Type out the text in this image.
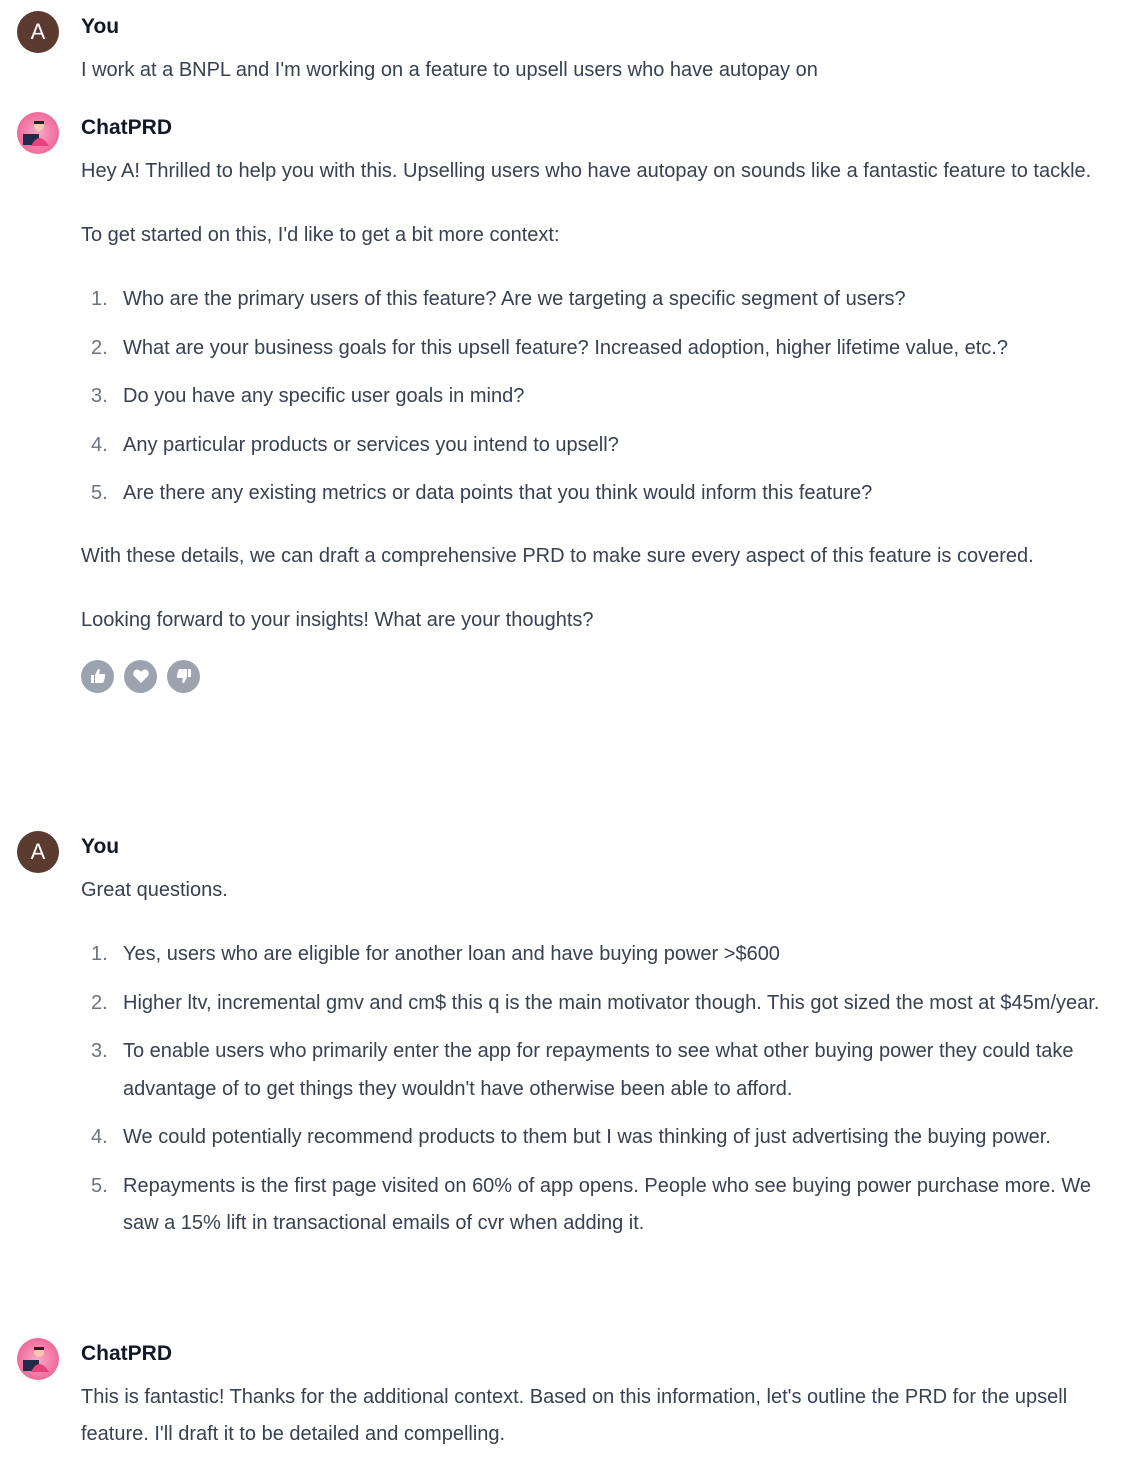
A	You

I work at a BNPL and I'm working on a feature to upsell users who have autopay on

ChatPRD

Hey A! Thrilled to help you with this. Upselling users who have autopay on sounds like a fantastic feature to tackle.

To get started on this, I'd like to get a bit more context:

1. Who are the primary users of this feature? Are we targeting a specific segment of users?
2. What are your business goals for this upsell feature? Increased adoption, higher lifetime value, etc.?
3. Do you have any specific user goals in mind?
4. Any particular products or services you intend to upsell?
5. Are there any existing metrics or data points that you think would inform this feature?

With these details, we can draft a comprehensive PRD to make sure every aspect of this feature is covered.

Looking forward to your insights! What are your thoughts?

A	You

Great questions.

1. Yes, users who are eligible for another loan and have buying power >$600
2. Higher ltv, incremental gmv and cm$ this q is the main motivator though. This got sized the most at $45m/year.
3. To enable users who primarily enter the app for repayments to see what other buying power they could take advantage of to get things they wouldn't have otherwise been able to afford.
4. We could potentially recommend products to them but I was thinking of just advertising the buying power.
5. Repayments is the first page visited on 60% of app opens. People who see buying power purchase more. We saw a 15% lift in transactional emails of cvr when adding it.
ChatPRD

This is fantastic! Thanks for the additional context. Based on this information, let's outline the PRD for the upsell feature. I'll draft it to be detailed and compelling.
